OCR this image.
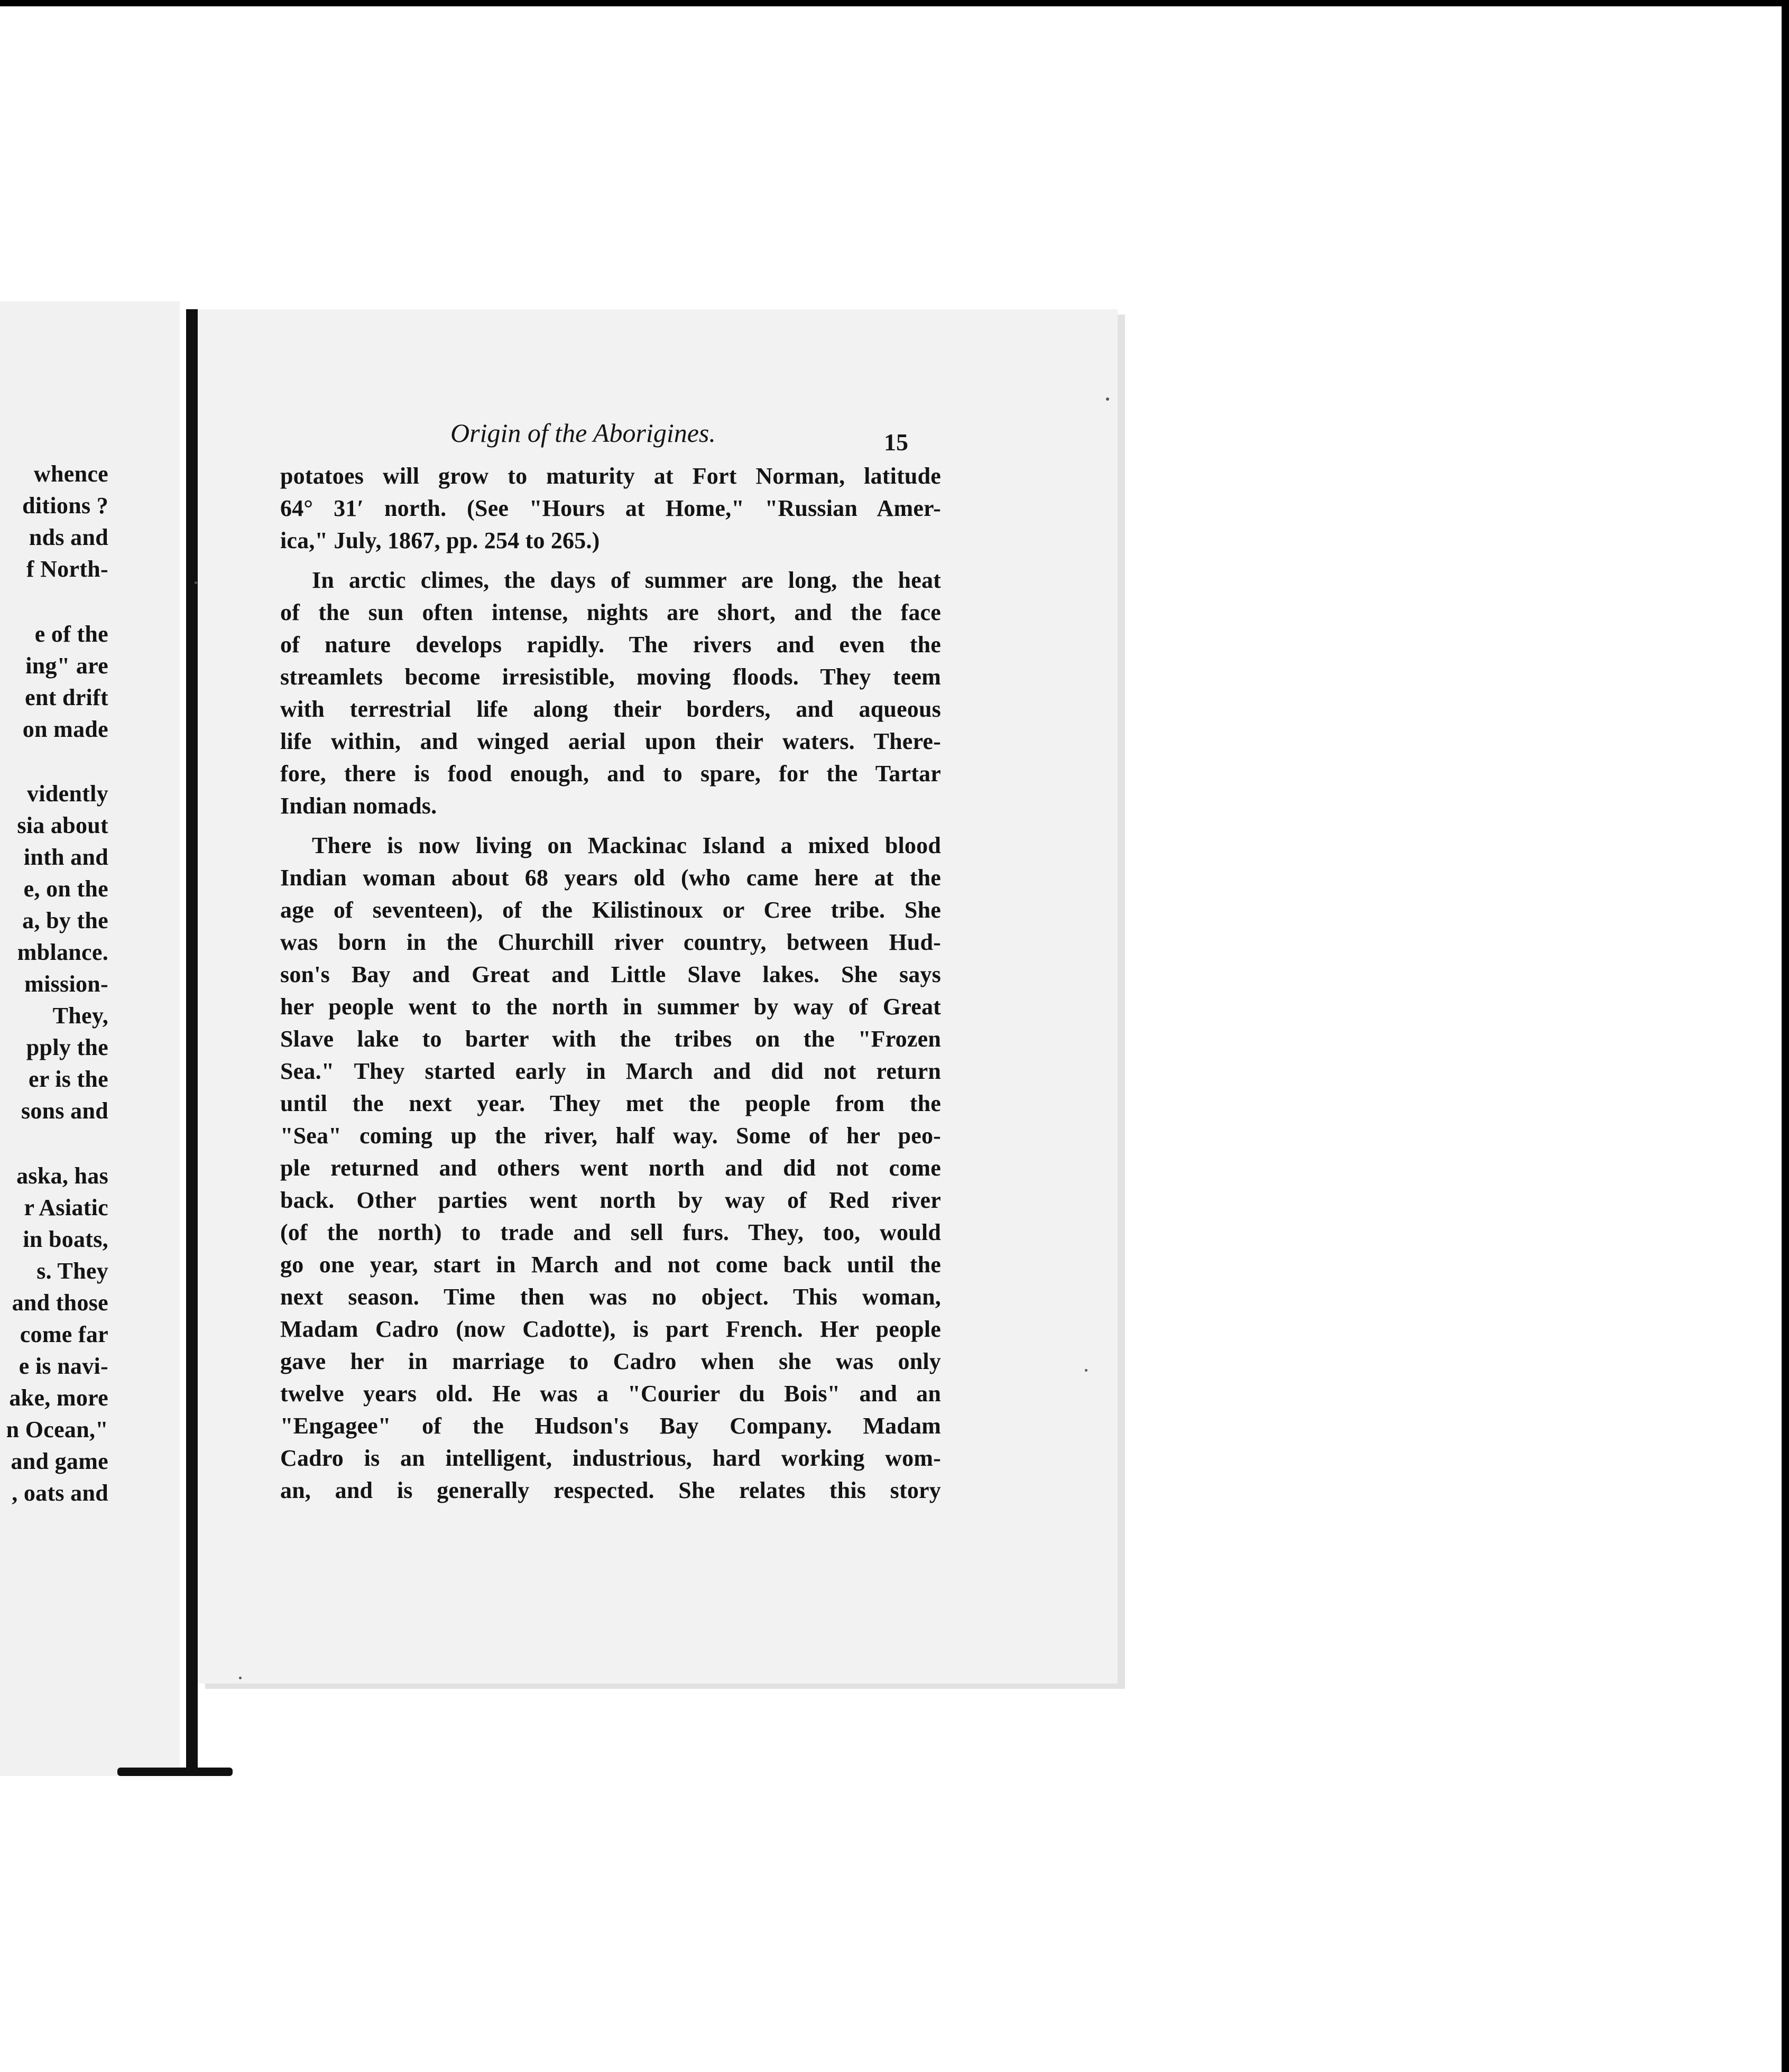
whence
ditions ?
nds and
f North-
e of the
ing" are
ent drift
on made
vidently
sia about
inth and
e, on the
a, by the
mblance.
mission-
They,
pply the
er is the
sons and
aska, has
r Asiatic
in boats,
s. They
and those
come far
e is navi-
ake, more
n Ocean,"
and game
, oats and
Origin of the Aborigines.	15
potatoes will grow to maturity at Fort Norman, latitude
64° 31′ north. (See "Hours at Home," "Russian Amer-
ica," July, 1867, pp. 254 to 265.)
In arctic climes, the days of summer are long, the heat
of the sun often intense, nights are short, and the face
of nature develops rapidly. The rivers and even the
streamlets become irresistible, moving floods. They teem
with terrestrial life along their borders, and aqueous
life within, and winged aerial upon their waters. There-
fore, there is food enough, and to spare, for the Tartar
Indian nomads.
There is now living on Mackinac Island a mixed blood
Indian woman about 68 years old (who came here at the
age of seventeen), of the Kilistinoux or Cree tribe. She
was born in the Churchill river country, between Hud-
son's Bay and Great and Little Slave lakes. She says
her people went to the north in summer by way of Great
Slave lake to barter with the tribes on the "Frozen
Sea." They started early in March and did not return
until the next year. They met the people from the
"Sea" coming up the river, half way. Some of her peo-
ple returned and others went north and did not come
back. Other parties went north by way of Red river
(of the north) to trade and sell furs. They, too, would
go one year, start in March and not come back until the
next season. Time then was no object. This woman,
Madam Cadro (now Cadotte), is part French. Her people
gave her in marriage to Cadro when she was only
twelve years old. He was a "Courier du Bois" and an
"Engagee" of the Hudson's Bay Company. Madam
Cadro is an intelligent, industrious, hard working wom-
an, and is generally respected. She relates this story
